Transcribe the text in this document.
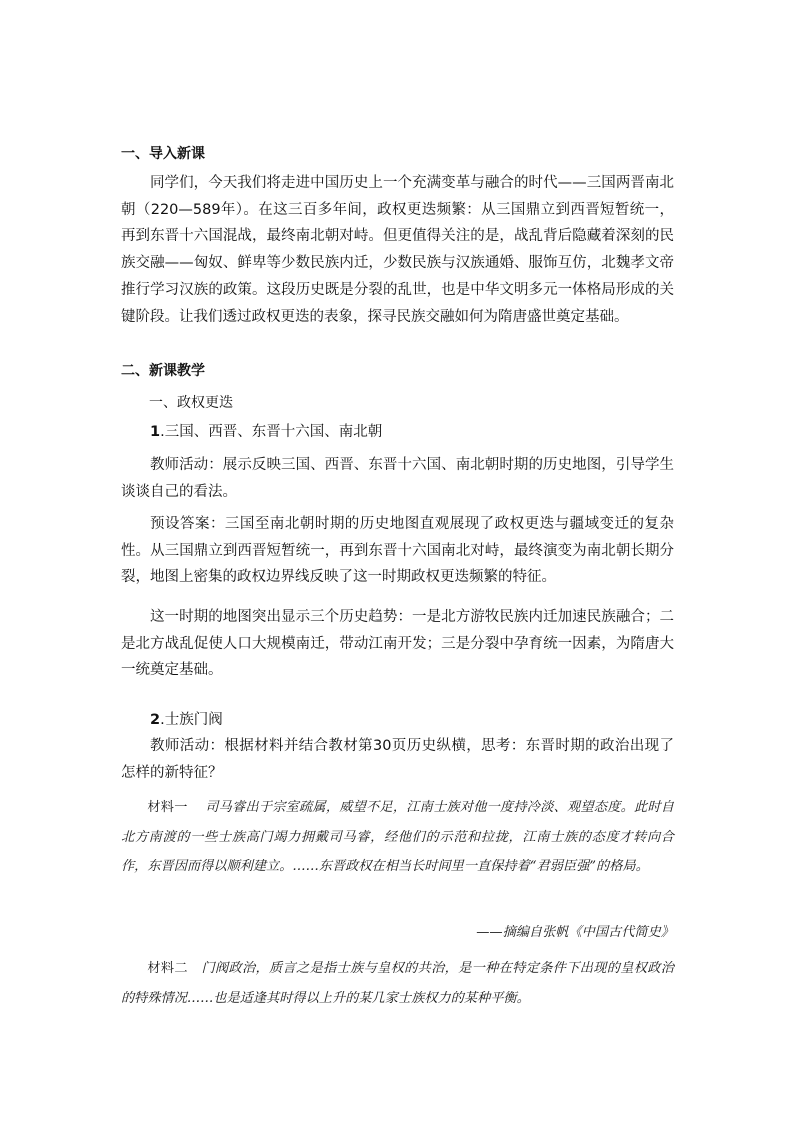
一、导入新课

同学们，今天我们将走进中国历史上一个充满变革与融合的时代——三国两晋南北朝（220—589年）。在这三百多年间，政权更迭频繁：从三国鼎立到西晋短暂统一，再到东晋十六国混战，最终南北朝对峙。但更值得关注的是，战乱背后隐藏着深刻的民族交融——匈奴、鲜卑等少数民族内迁，少数民族与汉族通婚、服饰互仿，北魏孝文帝推行学习汉族的政策。这段历史既是分裂的乱世，也是中华文明多元一体格局形成的关键阶段。让我们透过政权更迭的表象，探寻民族交融如何为隋唐盛世奠定基础。

二、新课教学
一、政权更迭
1.三国、西晋、东晋十六国、南北朝

教师活动：展示反映三国、西晋、东晋十六国、南北朝时期的历史地图，引导学生谈谈自己的看法。

预设答案：三国至南北朝时期的历史地图直观展现了政权更迭与疆域变迁的复杂性。从三国鼎立到西晋短暂统一，再到东晋十六国南北对峙，最终演变为南北朝长期分裂，地图上密集的政权边界线反映了这一时期政权更迭频繁的特征。

这一时期的地图突出显示三个历史趋势：一是北方游牧民族内迁加速民族融合；二是北方战乱促使人口大规模南迁，带动江南开发；三是分裂中孕育统一因素，为隋唐大一统奠定基础。

2.士族门阀

教师活动：根据材料并结合教材第30页历史纵横，思考：东晋时期的政治出现了怎样的新特征？

材料一 司马睿出于宗室疏属，威望不足，江南士族对他一度持冷淡、观望态度。此时自北方南渡的一些士族高门竭力拥戴司马睿，经他们的示范和拉拢，江南士族的态度才转向合作，东晋因而得以顺利建立。……东晋政权在相当长时间里一直保持着“君弱臣强”的格局。

——摘编自张帆《中国古代简史》

材料二 门阀政治，质言之是指士族与皇权的共治，是一种在特定条件下出现的皇权政治的特殊情况……也是适逢其时得以上升的某几家士族权力的某种平衡。
